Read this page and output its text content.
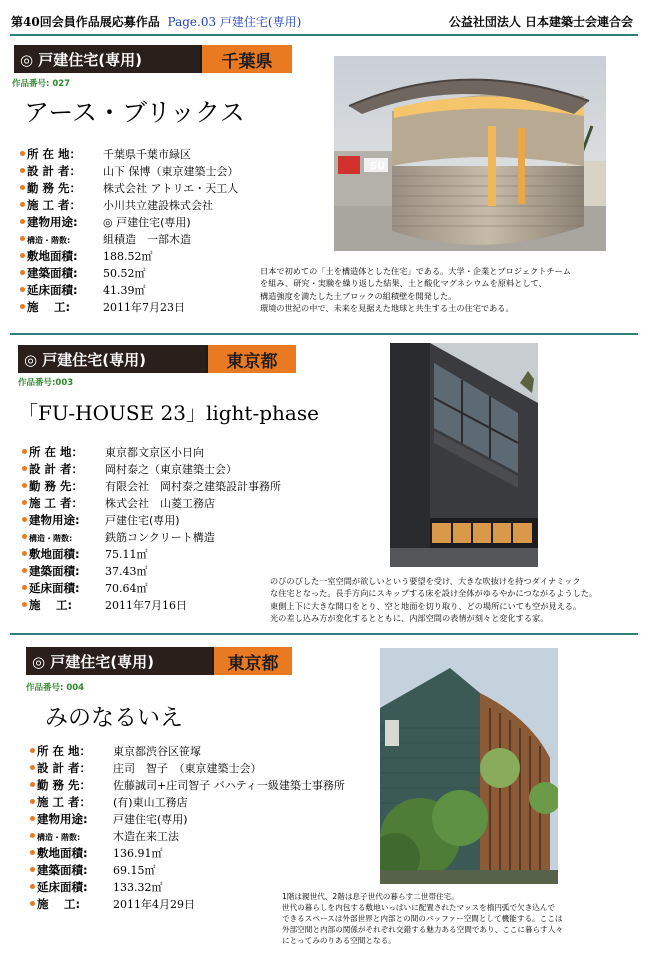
第40回会員作品展応募作品 Page.03 戸建住宅(専用)	公益社団法人 日本建築士会連合会
◎ 戸建住宅(専用)	千葉県
作品番号: 027
アース・ブリックス
所 在 地：	千葉県千葉市緑区
設 計 者：	山下 保博（東京建築士会）
勤 務 先：	株式会社 アトリエ・天工人
施 工 者：	小川共立建設株式会社
建物用途:	◎ 戸建住宅(専用)
構造・階数:	組積造　一部木造
敷地面積:	188.52㎡
建築面積:	50.52㎡
延床面積:	41.39㎡
施　 工:	2011年7月23日
SU
日本で初めての「土を構造体とした住宅」である。大学・企業とプロジェクトチーム
を組み、研究・実験を繰り返した結果、土と酸化マグネシウムを原料として、
構造強度を満たした土ブロックの組積壁を開発した。
環境の世紀の中で、未来を見据えた地球と共生する土の住宅である。
◎ 戸建住宅(専用)	東京都
作品番号:003
「FU-HOUSE 23」light-phase
所 在 地：	東京都文京区小日向
設 計 者：	岡村泰之（東京建築士会）
勤 務 先：	有限会社　岡村泰之建築設計事務所
施 工 者：	株式会社　山菱工務店
建物用途:	戸建住宅(専用)
構造・階数:	鉄筋コンクリート構造
敷地面積:	75.11㎡
建築面積:	37.43㎡
延床面積:	70.64㎡
施　 工:	2011年7月16日
のびのびした一室空間が欲しいという要望を受け、大きな吹抜けを持つダイナミック
な住宅となった。長手方向にスキップする床を設け全体がゆるやかにつながるようした。
東側上下に大きな開口をとり、空と地面を切り取り、どの場所にいても空が見える。
光の差し込み方が変化するとともに、内部空間の表情が刻々と変化する家。
◎ 戸建住宅(専用)	東京都
作品番号: 004
みのなるいえ
所 在 地：	東京都渋谷区笹塚
設 計 者：	庄司　智子　（東京建築士会）
勤 務 先：	佐藤誠司+庄司智子 バハティ一級建築士事務所
施 工 者：	(有)東山工務店
建物用途:	戸建住宅(専用)
構造・階数:	木造在来工法
敷地面積:	136.91㎡
建築面積:	69.15㎡
延床面積:	133.32㎡
施　 工:	2011年4月29日
1階は親世代、2階は息子世代の暮らす二世帯住宅。
世代の暮らしを内包する敷地いっぱいに配置されたマッスを楕円弧で欠き込んで
できるスペースは外部世界と内部との間のバッファー空間として機能する。ここは
外部空間と内部の関係がそれぞれ交錯する魅力ある空間であり、ここに暮らす人々
にとってみのりある空間となる。
